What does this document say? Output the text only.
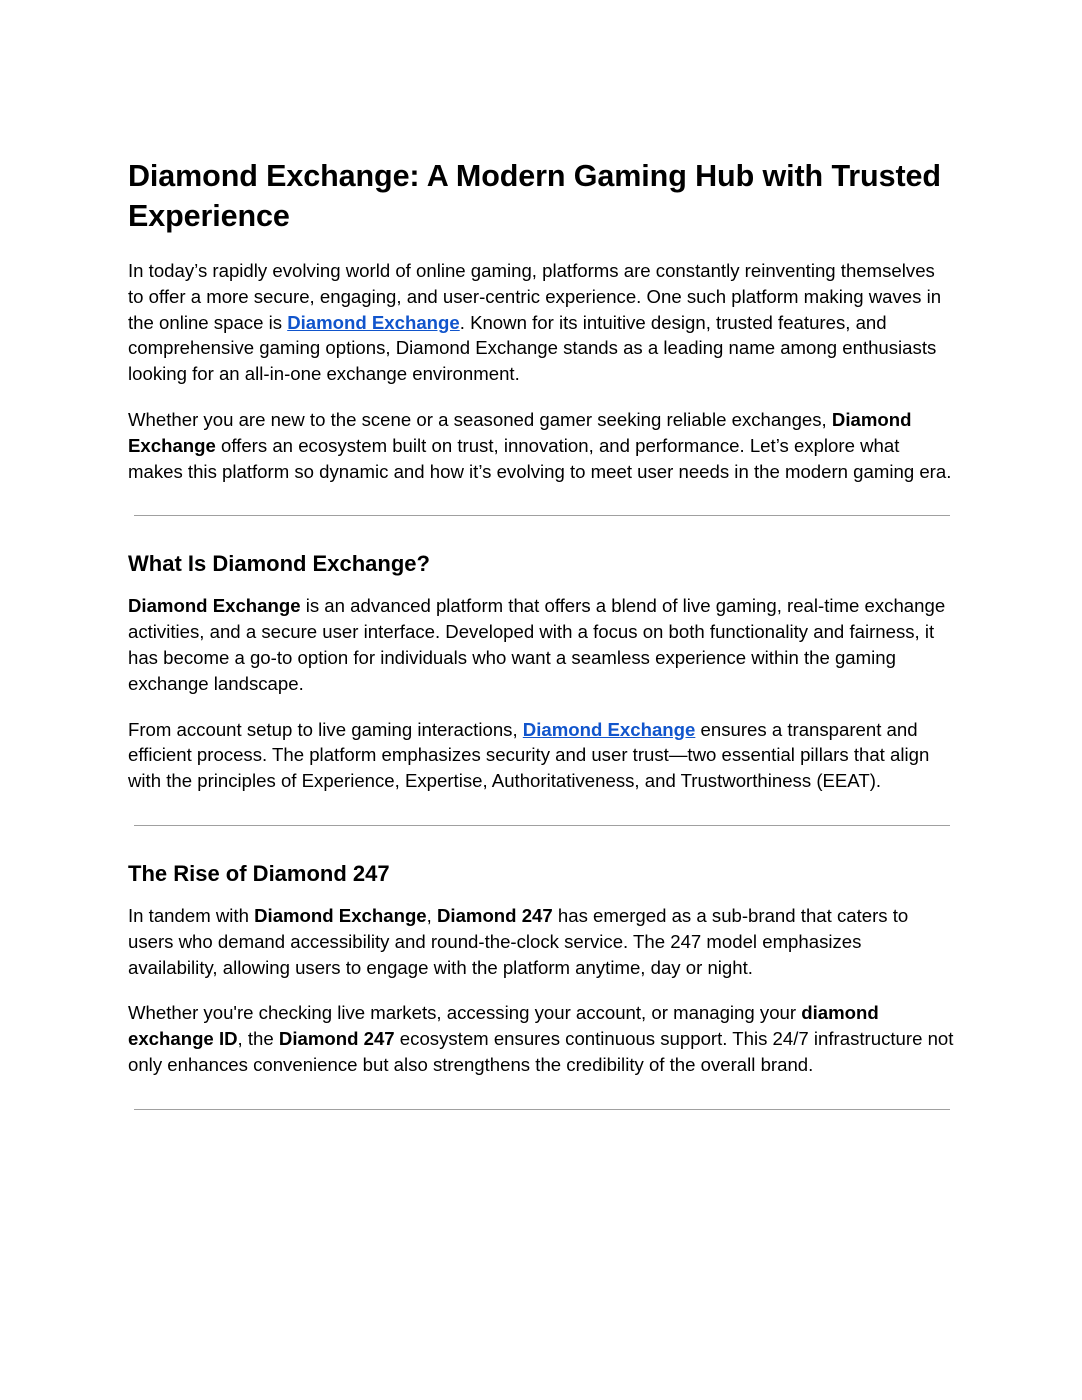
Diamond Exchange: A Modern Gaming Hub with Trusted Experience

In today’s rapidly evolving world of online gaming, platforms are constantly reinventing themselves to offer a more secure, engaging, and user-centric experience. One such platform making waves in the online space is Diamond Exchange. Known for its intuitive design, trusted features, and comprehensive gaming options, Diamond Exchange stands as a leading name among enthusiasts looking for an all-in-one exchange environment.

Whether you are new to the scene or a seasoned gamer seeking reliable exchanges, Diamond Exchange offers an ecosystem built on trust, innovation, and performance. Let’s explore what makes this platform so dynamic and how it’s evolving to meet user needs in the modern gaming era.

What Is Diamond Exchange?

Diamond Exchange is an advanced platform that offers a blend of live gaming, real-time exchange activities, and a secure user interface. Developed with a focus on both functionality and fairness, it has become a go-to option for individuals who want a seamless experience within the gaming exchange landscape.

From account setup to live gaming interactions, Diamond Exchange ensures a transparent and efficient process. The platform emphasizes security and user trust—two essential pillars that align with the principles of Experience, Expertise, Authoritativeness, and Trustworthiness (EEAT).

The Rise of Diamond 247

In tandem with Diamond Exchange, Diamond 247 has emerged as a sub-brand that caters to users who demand accessibility and round-the-clock service. The 247 model emphasizes availability, allowing users to engage with the platform anytime, day or night.

Whether you're checking live markets, accessing your account, or managing your diamond exchange ID, the Diamond 247 ecosystem ensures continuous support. This 24/7 infrastructure not only enhances convenience but also strengthens the credibility of the overall brand.
